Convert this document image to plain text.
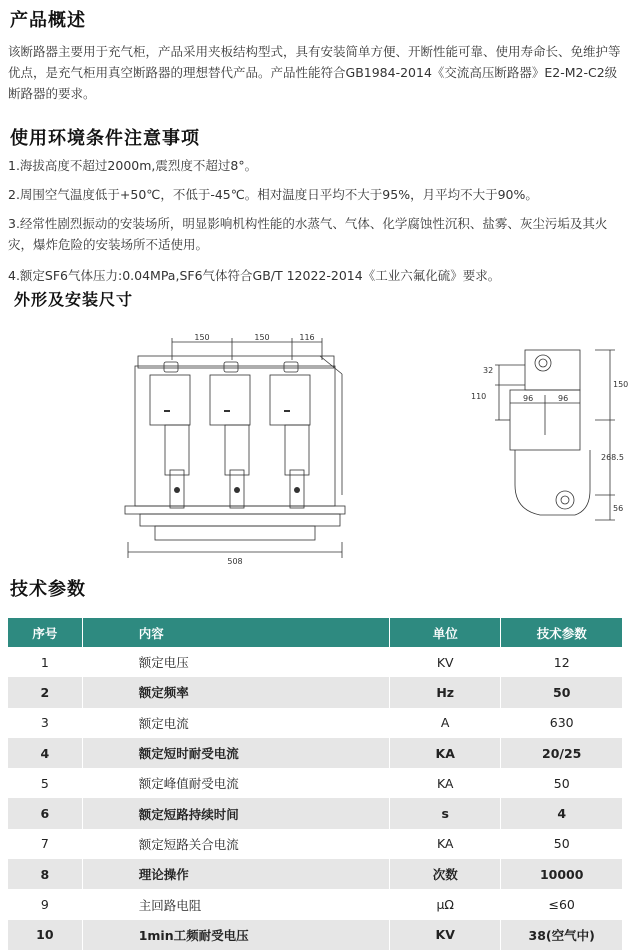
产品概述
该断路器主要用于充气柜，产品采用夹板结构型式，具有安装简单方便、开断性能可靠、使用寿命长、免维护等优点，是充气柜用真空断路器的理想替代产品。产品性能符合GB1984-2014《交流高压断路器》E2-M2-C2级断路器的要求。
使用环境条件注意事项
1.海拔高度不超过2000m,震烈度不超过8°。
2.周围空气温度低于+50℃，不低于-45℃。相对温度日平均不大于95%，月平均不大于90%。
3.经常性剧烈振动的安装场所，明显影响机构性能的水蒸气、气体、化学腐蚀性沉积、盐雾、灰尘污垢及其火灾，爆炸危险的安装场所不适使用。
4.额定SF6气体压力:0.04MPa,SF6气体符合GB/T 12022-2014《工业六氟化硫》要求。
外形及安装尺寸
150	150	116
508
32
110	96	96
150
268.5
56
技术参数
序号	内容	单位	技术参数
1	额定电压	KV	12
2	额定频率	Hz	50
3	额定电流	A	630
4	额定短时耐受电流	KA	20/25
5	额定峰值耐受电流	KA	50
6	额定短路持续时间	s	4
7	额定短路关合电流	KA	50
8	理论操作	次数	10000
9	主回路电阻	μΩ	≤60
10	1min工频耐受电压	KV	38(空气中)
